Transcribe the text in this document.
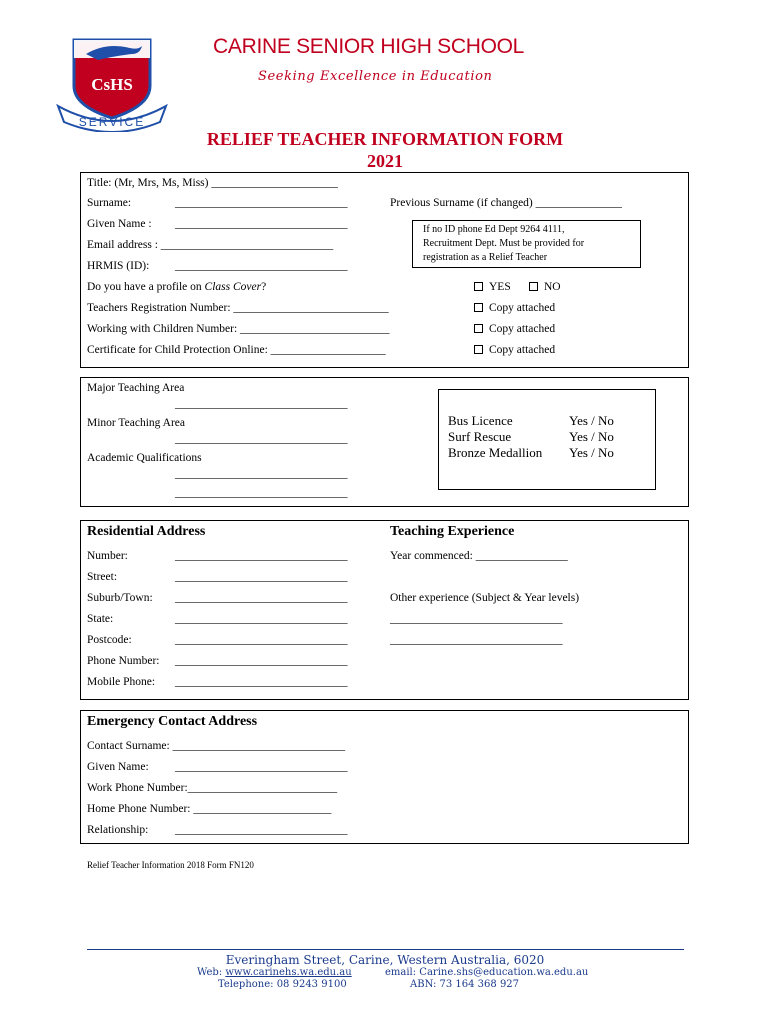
CsHS
SERVICE
CARINE SENIOR HIGH SCHOOL
Seeking Excellence in Education
RELIEF TEACHER INFORMATION FORM
2021
Title: (Mr, Mrs, Ms, Miss) ______________________
Surname:	______________________________	Previous Surname (if changed) _______________
Given Name : ______________________________
Email address : ______________________________
HRMIS (ID): ______________________________
If no ID phone Ed Dept 9264 4111,
Recruitment Dept. Must be provided for
registration as a Relief Teacher
Do you have a profile on Class Cover?	YES	NO
Teachers Registration Number: ___________________________	Copy attached
Working with Children Number: __________________________	Copy attached
Certificate for Child Protection Online: ____________________	Copy attached
Major Teaching Area
______________________________
Minor Teaching Area
______________________________
Academic Qualifications
______________________________
______________________________
Bus Licence	Yes / No
Surf Rescue	Yes / No
Bronze Medallion Yes / No
Residential Address	Teaching Experience
Number:	______________________________	Year commenced: ________________
Street:	______________________________
Suburb/Town: ______________________________	Other experience (Subject & Year levels)
State:	______________________________	______________________________
Postcode:	______________________________	______________________________
Phone Number: ______________________________
Mobile Phone: ______________________________
Emergency Contact Address
Contact Surname: ______________________________
Given Name: ______________________________
Work Phone Number:__________________________
Home Phone Number: ________________________
Relationship: ______________________________
Relief Teacher Information 2018 Form FN120
Everingham Street, Carine, Western Australia, 6020
Web: www.carinehs.wa.edu.au	email: Carine.shs@education.wa.edu.au
Telephone: 08 9243 9100	ABN: 73 164 368 927
